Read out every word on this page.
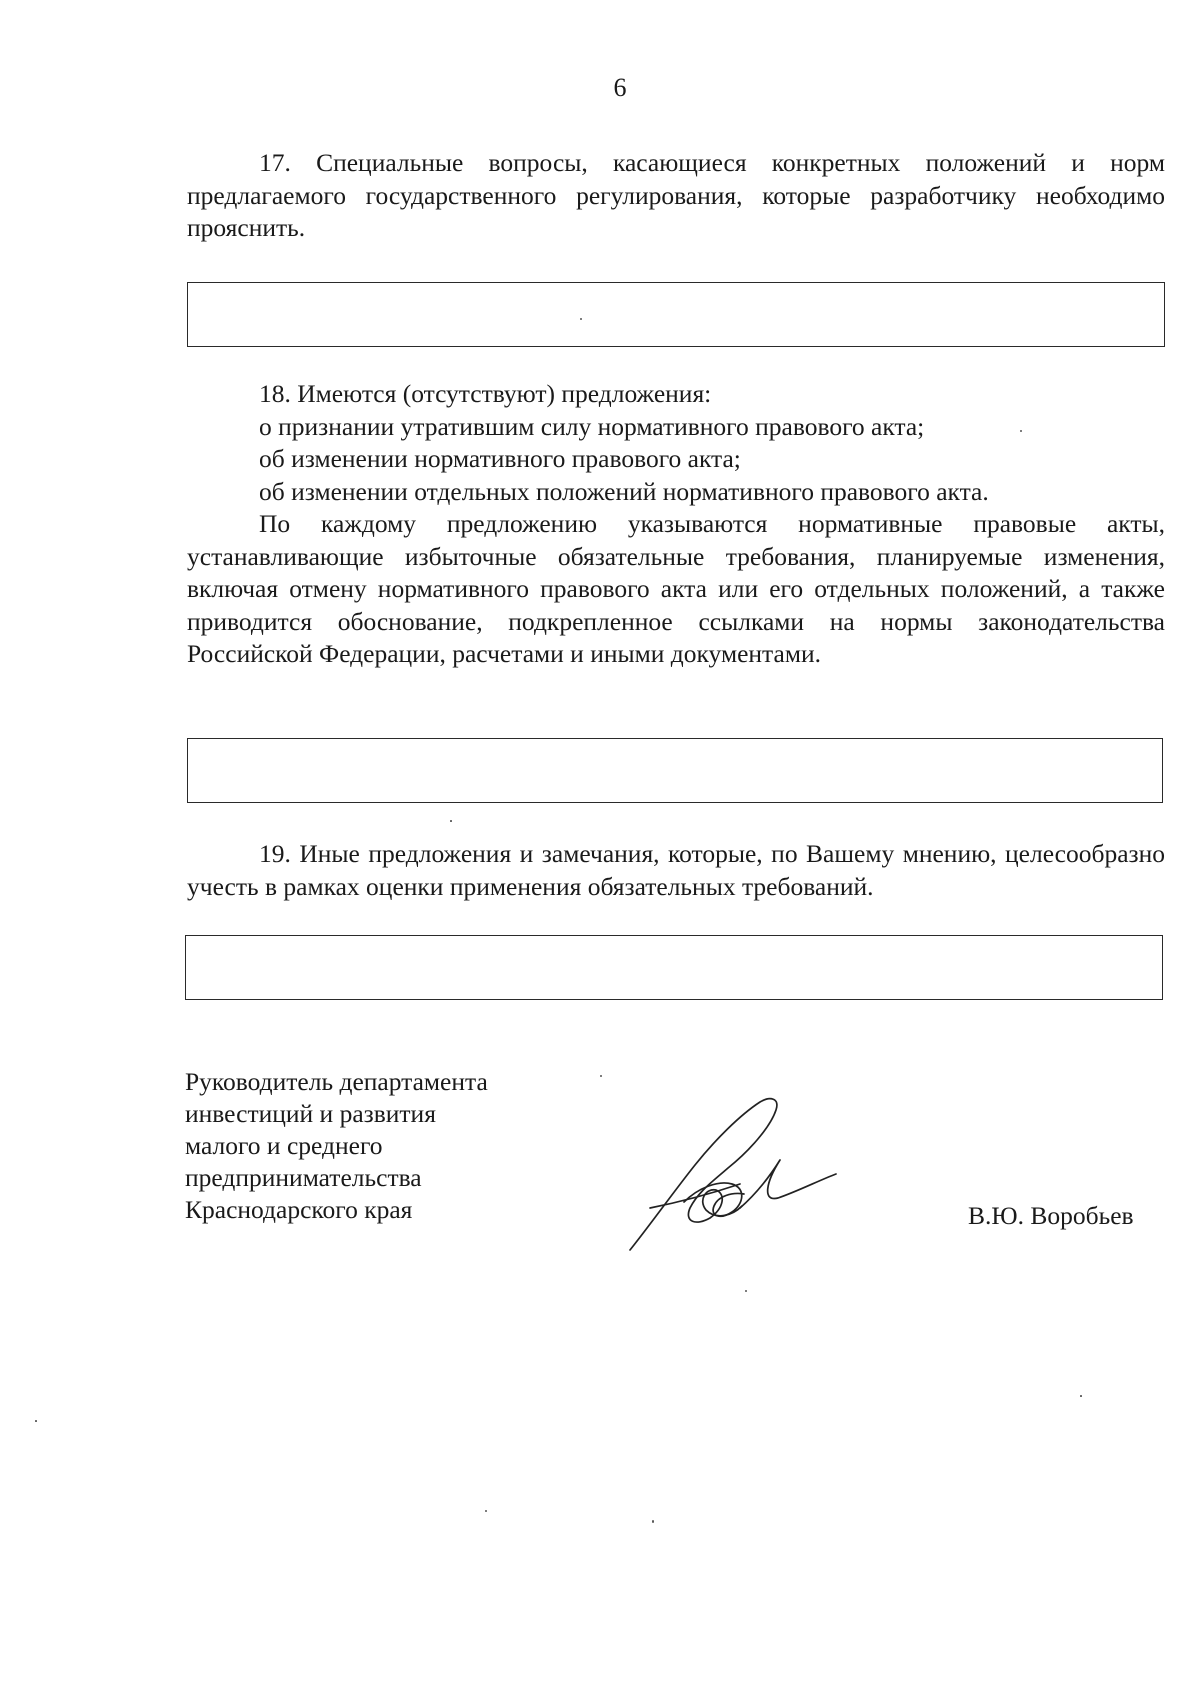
6

17. Специальные вопросы, касающиеся конкретных положений и норм предлагаемого государственного регулирования, которые разработчику необходимо прояснить.

18. Имеются (отсутствуют) предложения:
о признании утратившим силу нормативного правового акта;
об изменении нормативного правового акта;
об изменении отдельных положений нормативного правового акта.

По каждому предложению указываются нормативные правовые акты, устанавливающие избыточные обязательные требования, планируемые изменения, включая отмену нормативного правового акта или его отдельных положений, а также приводится обоснование, подкрепленное ссылками на нормы законодательства Российской Федерации, расчетами и иными документами.

19. Иные предложения и замечания, которые, по Вашему мнению, целесообразно учесть в рамках оценки применения обязательных требований.

Руководитель департамента
инвестиций и развития
малого и среднего
предпринимательства
Краснодарского края	В.Ю. Воробьев
